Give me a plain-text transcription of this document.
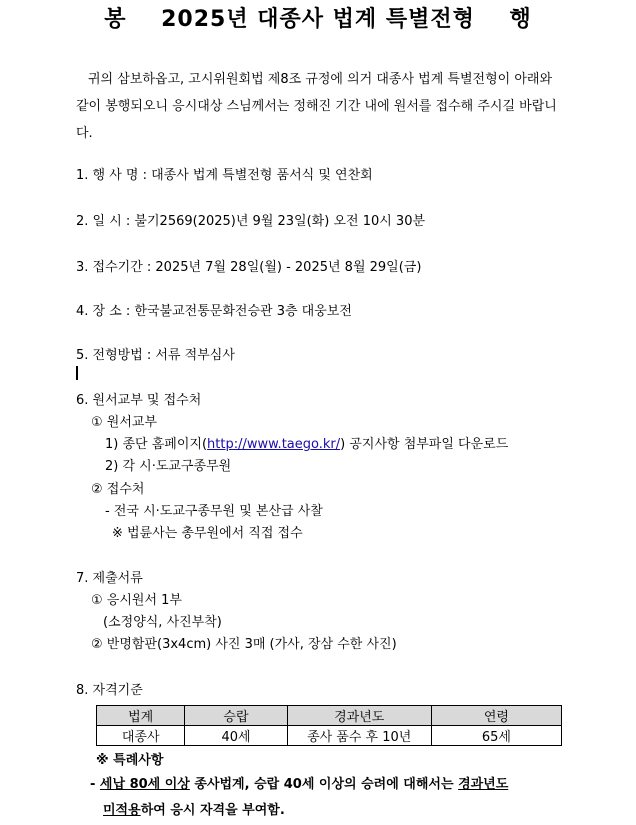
봉    2025년 대종사 법계 특별전형    행

귀의 삼보하옵고, 고시위원회법 제8조 규정에 의거 대종사 법계 특별전형이 아래와 같이 봉행되오니 응시대상 스님께서는 정해진 기간 내에 원서를 접수해 주시길 바랍니다.

1. 행 사 명 : 대종사 법계 특별전형 품서식 및 연찬회
2. 일 시 : 불기2569(2025)년 9월 23일(화) 오전 10시 30분
3. 접수기간 : 2025년 7월 28일(월) - 2025년 8월 29일(금)
4. 장 소 : 한국불교전통문화전승관 3층 대웅보전
5. 전형방법 : 서류 적부심사
6. 원서교부 및 접수처
① 원서교부
1) 종단 홈페이지(http://www.taego.kr/) 공지사항 첨부파일 다운로드
2) 각 시·도교구종무원
② 접수처
- 전국 시·도교구종무원 및 본산급 사찰
※ 법륜사는 총무원에서 직접 접수
7. 제출서류
① 응시원서 1부
(소정양식, 사진부착)
② 반명함판(3x4cm) 사진 3매 (가사, 장삼 수한 사진)
8. 자격기준
법계	승랍	경과년도	연령
대종사	40세	종사 품수 후 10년	65세
※ 특례사항
- 세납 80세 이상 종사법계, 승랍 40세 이상의 승려에 대해서는 경과년도
미적용하여 응시 자격을 부여함.
